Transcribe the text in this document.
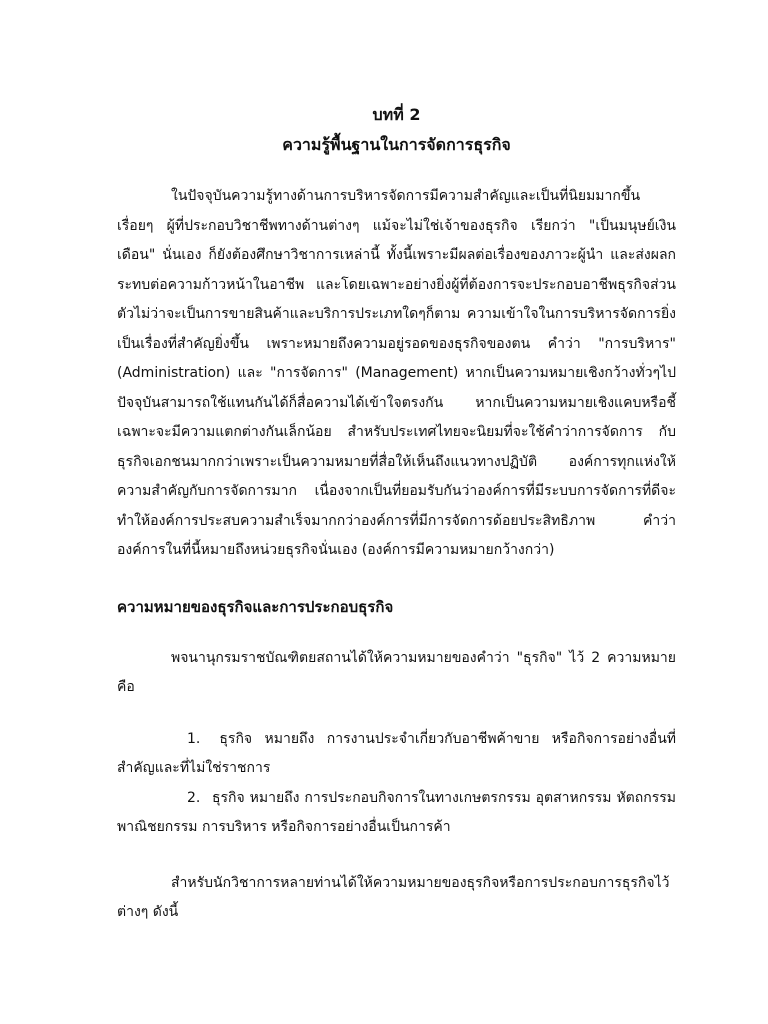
บทที่ 2
ความรู้พื้นฐานในการจัดการธุรกิจ

ในปัจจุบันความรู้ทางด้านการบริหารจัดการมีความสำคัญและเป็นที่นิยมมากขึ้นเรื่อยๆ ผู้ที่ประกอบวิชาชีพทางด้านต่างๆ แม้จะไม่ใช่เจ้าของธุรกิจ เรียกว่า "เป็นมนุษย์เงินเดือน" นั่นเอง ก็ยังต้องศึกษาวิชาการเหล่านี้ ทั้งนี้เพราะมีผลต่อเรื่องของภาวะผู้นำ และส่งผลกระทบต่อความก้าวหน้าในอาชีพ และโดยเฉพาะอย่างยิ่งผู้ที่ต้องการจะประกอบอาชีพธุรกิจส่วนตัวไม่ว่าจะเป็นการขายสินค้าและบริการประเภทใดๆก็ตาม ความเข้าใจในการบริหารจัดการยิ่งเป็นเรื่องที่สำคัญยิ่งขึ้น เพราะหมายถึงความอยู่รอดของธุรกิจของตน คำว่า "การบริหาร" (Administration) และ "การจัดการ" (Management) หากเป็นความหมายเชิงกว้างทั่วๆไป ปัจจุบันสามารถใช้แทนกันได้ก็สื่อความได้เข้าใจตรงกัน หากเป็นความหมายเชิงแคบหรือชี้เฉพาะจะมีความแตกต่างกันเล็กน้อย สำหรับประเทศไทยจะนิยมที่จะใช้คำว่าการจัดการ กับธุรกิจเอกชนมากกว่าเพราะเป็นความหมายที่สื่อให้เห็นถึงแนวทางปฏิบัติ องค์การทุกแห่งให้ความสำคัญกับการจัดการมาก เนื่องจากเป็นที่ยอมรับกันว่าองค์การที่มีระบบการจัดการที่ดีจะทำให้องค์การประสบความสำเร็จมากกว่าองค์การที่มีการจัดการด้อยประสิทธิภาพ คำว่าองค์การในที่นี้หมายถึงหน่วยธุรกิจนั่นเอง (องค์การมีความหมายกว้างกว่า)

ความหมายของธุรกิจและการประกอบธุรกิจ

พจนานุกรมราชบัณฑิตยสถานได้ให้ความหมายของคำว่า "ธุรกิจ" ไว้ 2 ความหมายคือ

1. ธุรกิจ หมายถึง การงานประจำเกี่ยวกับอาชีพค้าขาย หรือกิจการอย่างอื่นที่สำคัญและที่ไม่ใช่ราชการ
2. ธุรกิจ หมายถึง การประกอบกิจการในทางเกษตรกรรม อุตสาหกรรม หัตถกรรม พาณิชยกรรม การบริหาร หรือกิจการอย่างอื่นเป็นการค้า

สำหรับนักวิชาการหลายท่านได้ให้ความหมายของธุรกิจหรือการประกอบการธุรกิจไว้ต่างๆ ดังนี้
